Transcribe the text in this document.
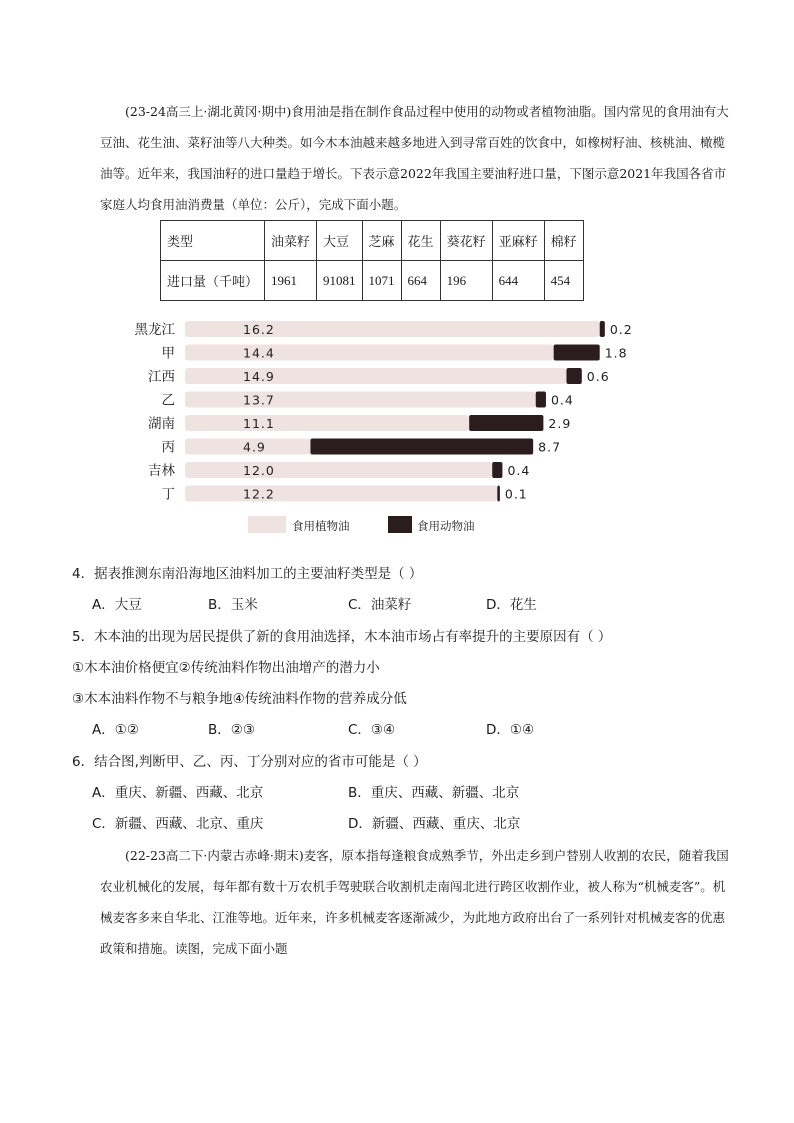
(23-24高三上·湖北黄冈·期中)食用油是指在制作食品过程中使用的动物或者植物油脂。国内常见的食用油有大豆油、花生油、菜籽油等八大种类。如今木本油越来越多地进入到寻常百姓的饮食中，如橡树籽油、核桃油、橄榄油等。近年来，我国油籽的进口量趋于增长。下表示意2022年我国主要油籽进口量，下图示意2021年我国各省市家庭人均食用油消费量（单位：公斤），完成下面小题。

类型	油菜籽	大豆	芝麻	花生	葵花籽	亚麻籽	棉籽
进口量（千吨）	1961	91081	1071	664	196	644	454
黑龙江	16.2	0.2
甲	14.4	1.8
江西	14.9	0.6
乙	13.7	0.4
湖南	11.1	2.9
丙	4.9	8.7
吉林	12.0	0.4
丁	12.2	0.1
食用植物油	食用动物油
4．据表推测东南沿海地区油料加工的主要油籽类型是（ ）
A．大豆	B．玉米	C．油菜籽	D．花生
5．木本油的出现为居民提供了新的食用油选择，木本油市场占有率提升的主要原因有（ ）
①木本油价格便宜②传统油料作物出油增产的潜力小
③木本油料作物不与粮争地④传统油料作物的营养成分低
A．①②	B．②③	C．③④	D．①④
6．结合图,判断甲、乙、丙、丁分别对应的省市可能是（ ）
A．重庆、新疆、西藏、北京	B．重庆、西藏、新疆、北京
C．新疆、西藏、北京、重庆	D．新疆、西藏、重庆、北京

(22-23高二下·内蒙古赤峰·期末)麦客，原本指每逢粮食成熟季节，外出走乡到户替别人收割的农民，随着我国农业机械化的发展，每年都有数十万农机手驾驶联合收割机走南闯北进行跨区收割作业，被人称为“机械麦客”。机械麦客多来自华北、江淮等地。近年来，许多机械麦客逐渐减少，为此地方政府出台了一系列针对机械麦客的优惠政策和措施。读图，完成下面小题
